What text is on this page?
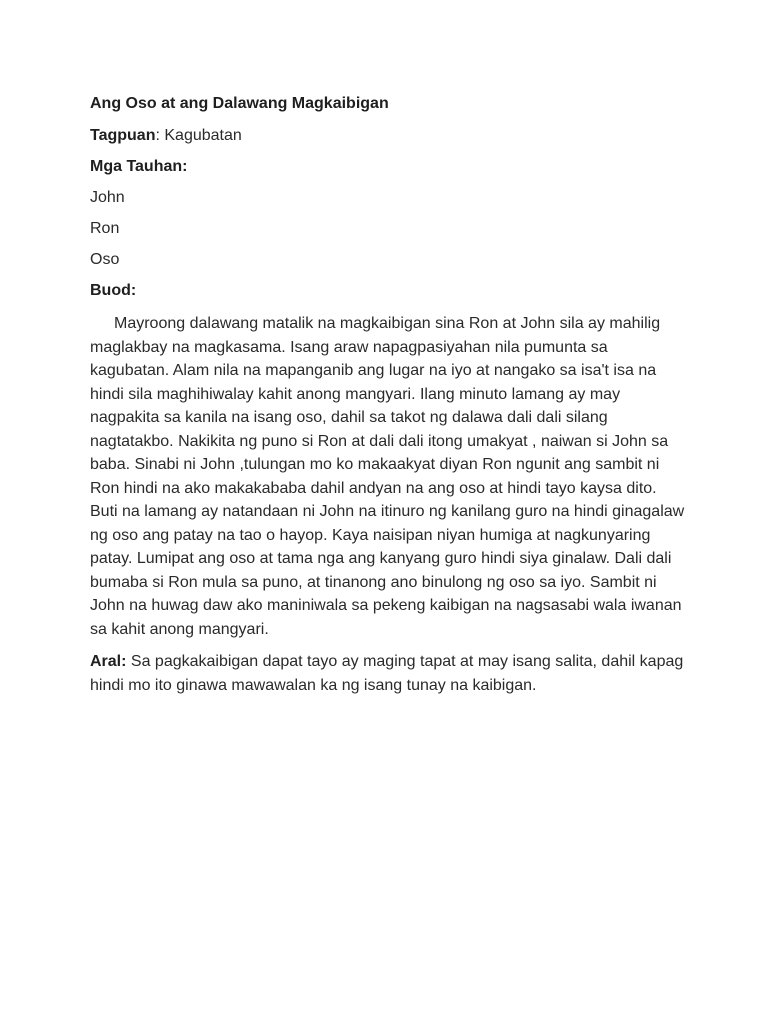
Ang Oso at ang Dalawang Magkaibigan

Tagpuan: Kagubatan

Mga Tauhan:

John

Ron

Oso

Buod:

Mayroong dalawang matalik na magkaibigan sina Ron at John sila ay mahilig maglakbay na magkasama. Isang araw napagpasiyahan nila pumunta sa kagubatan. Alam nila na mapanganib ang lugar na iyo at nangako sa isa't isa na hindi sila maghihiwalay kahit anong mangyari. Ilang minuto lamang ay may nagpakita sa kanila na isang oso, dahil sa takot ng dalawa dali dali silang nagtatakbo. Nakikita ng puno si Ron at dali dali itong umakyat , naiwan si John sa baba. Sinabi ni John ,tulungan mo ko makaakyat diyan Ron ngunit ang sambit ni Ron hindi na ako makakababa dahil andyan na ang oso at hindi tayo kaysa dito. Buti na lamang ay natandaan ni John na itinuro ng kanilang guro na hindi ginagalaw ng oso ang patay na tao o hayop. Kaya naisipan niyan humiga at nagkunyaring patay. Lumipat ang oso at tama nga ang kanyang guro hindi siya ginalaw. Dali dali bumaba si Ron mula sa puno, at tinanong ano binulong ng oso sa iyo. Sambit ni John na huwag daw ako maniniwala sa pekeng kaibigan na nagsasabi wala iwanan sa kahit anong mangyari.

Aral: Sa pagkakaibigan dapat tayo ay maging tapat at may isang salita, dahil kapag hindi mo ito ginawa mawawalan ka ng isang tunay na kaibigan.
